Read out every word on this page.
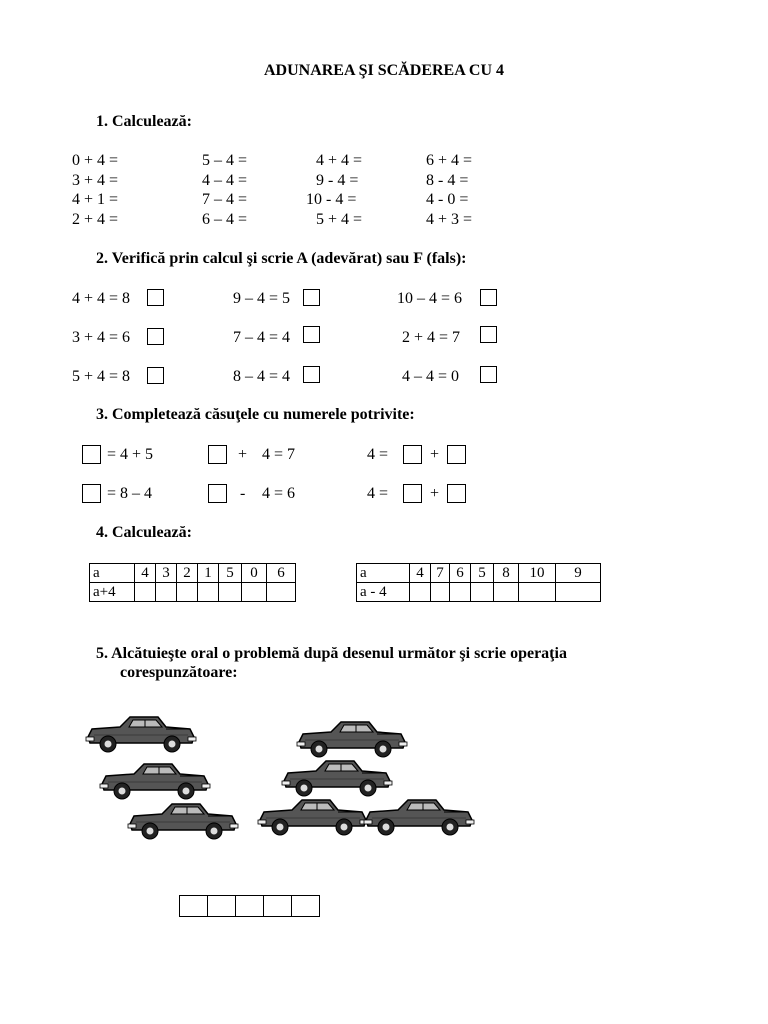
ADUNAREA ŞI SCĂDEREA CU 4
1. Calculează:
0 + 4 =	5 – 4 =	4 + 4 =	6 + 4 =
3 + 4 =	4 – 4 =	9 - 4 =	8 - 4 =
4 + 1 =	7 – 4 =	10 - 4 =	4 - 0 =
2 + 4 =	6 – 4 =	5 + 4 =	4 + 3 =
2. Verifică prin calcul şi scrie A (adevărat) sau F (fals):
4 + 4 = 8	9 – 4 = 5	10 – 4 = 6
3 + 4 = 6	7 – 4 = 4	2 + 4 = 7
5 + 4 = 8	8 – 4 = 4	4 – 4 = 0
3. Completează căsuţele cu numerele potrivite:
= 4 + 5	+ 4 = 7	4 =	+
= 8 – 4	- 4 = 6	4 =	+
4. Calculează:
a	4	3	2	1	5	0	6
a+4							
a	4	7	6	5	8	10	9
a - 4							
5. Alcătuieşte oral o problemă după desenul următor şi scrie operaţia
corespunzătoare:
